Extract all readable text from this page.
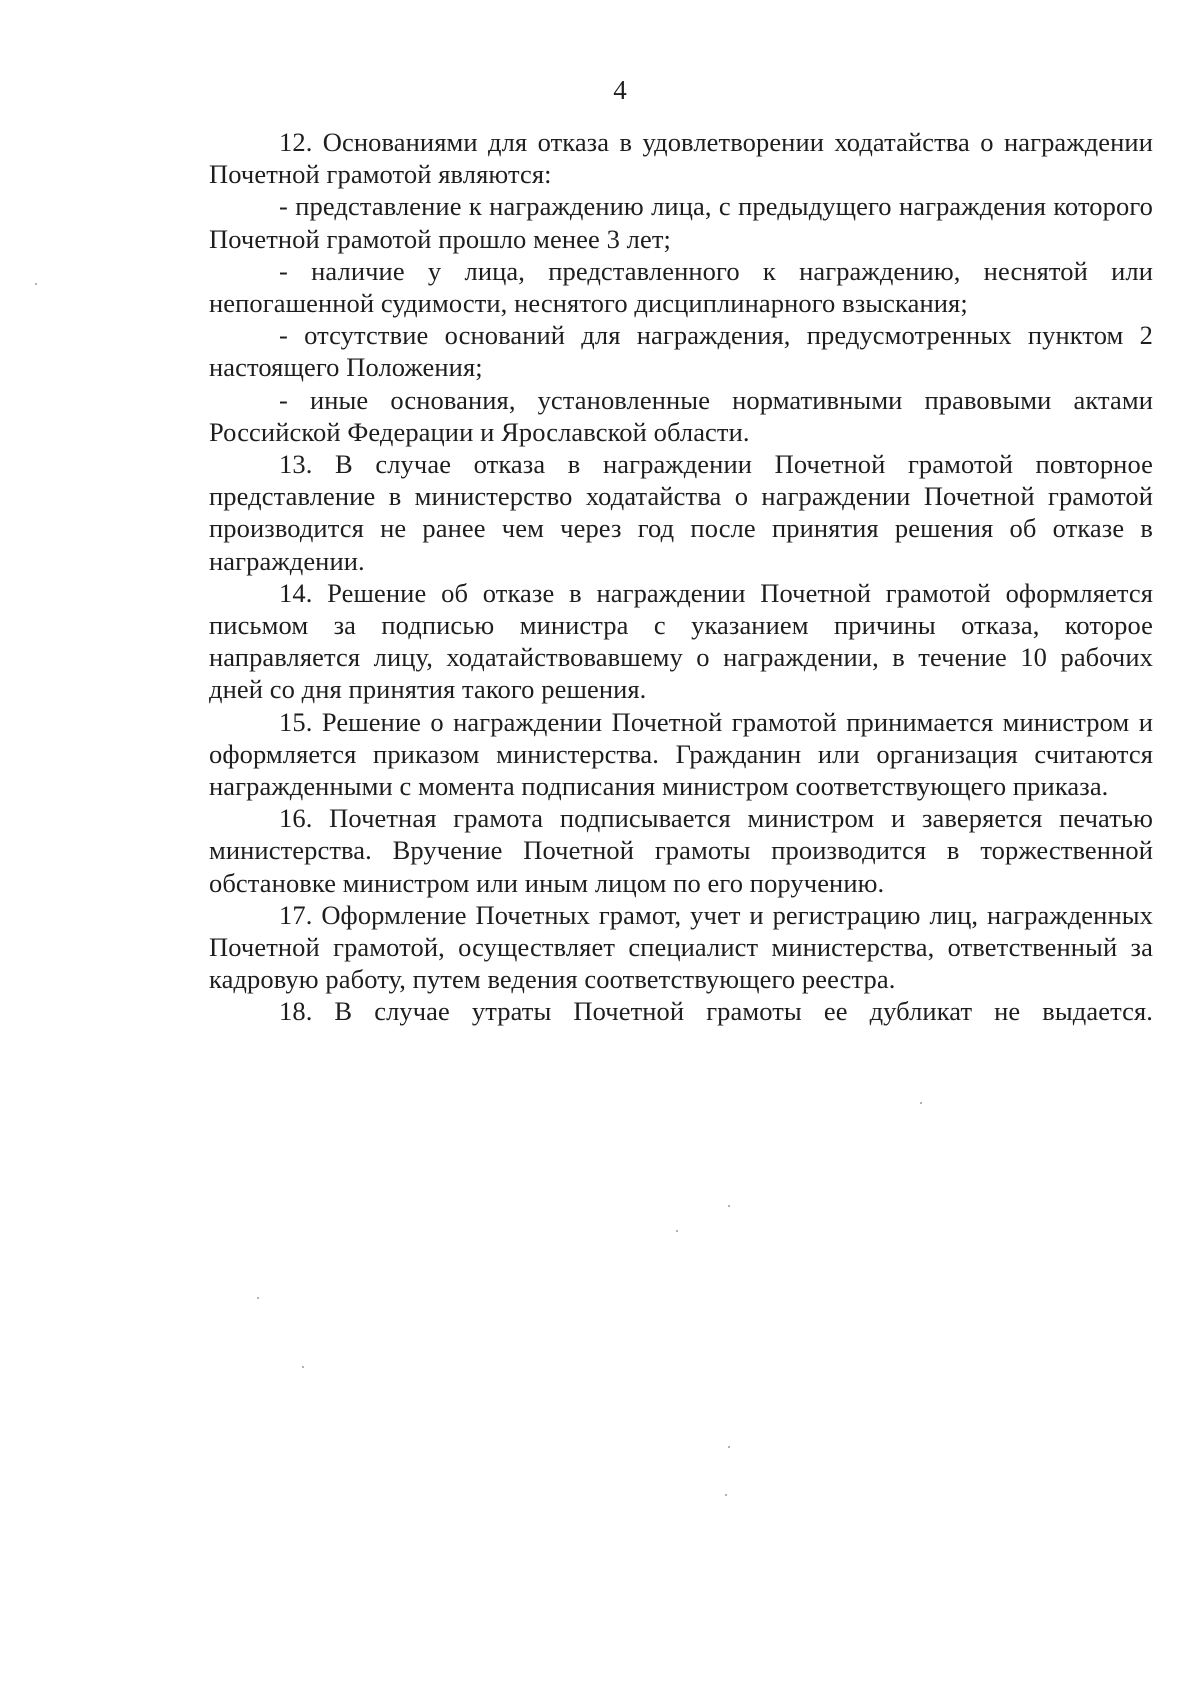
4

12. Основаниями для отказа в удовлетворении ходатайства о награждении Почетной грамотой являются:

- представление к награждению лица, с предыдущего награждения которого Почетной грамотой прошло менее 3 лет;

- наличие у лица, представленного к награждению, неснятой или непогашенной судимости, неснятого дисциплинарного взыскания;

- отсутствие оснований для награждения, предусмотренных пунктом 2 настоящего Положения;

- иные основания, установленные нормативными правовыми актами Российской Федерации и Ярославской области.

13. В случае отказа в награждении Почетной грамотой повторное представление в министерство ходатайства о награждении Почетной грамотой производится не ранее чем через год после принятия решения об отказе в награждении.

14. Решение об отказе в награждении Почетной грамотой оформляется письмом за подписью министра с указанием причины отказа, которое направляется лицу, ходатайствовавшему о награждении, в течение 10 рабочих дней со дня принятия такого решения.

15. Решение о награждении Почетной грамотой принимается министром и оформляется приказом министерства. Гражданин или организация считаются награжденными с момента подписания министром соответствующего приказа.

16. Почетная грамота подписывается министром и заверяется печатью министерства. Вручение Почетной грамоты производится в торжественной обстановке министром или иным лицом по его поручению.

17. Оформление Почетных грамот, учет и регистрацию лиц, награжденных Почетной грамотой, осуществляет специалист министерства, ответственный за кадровую работу, путем ведения соответствующего реестра.

18. В случае утраты Почетной грамоты ее дубликат не выдается.
